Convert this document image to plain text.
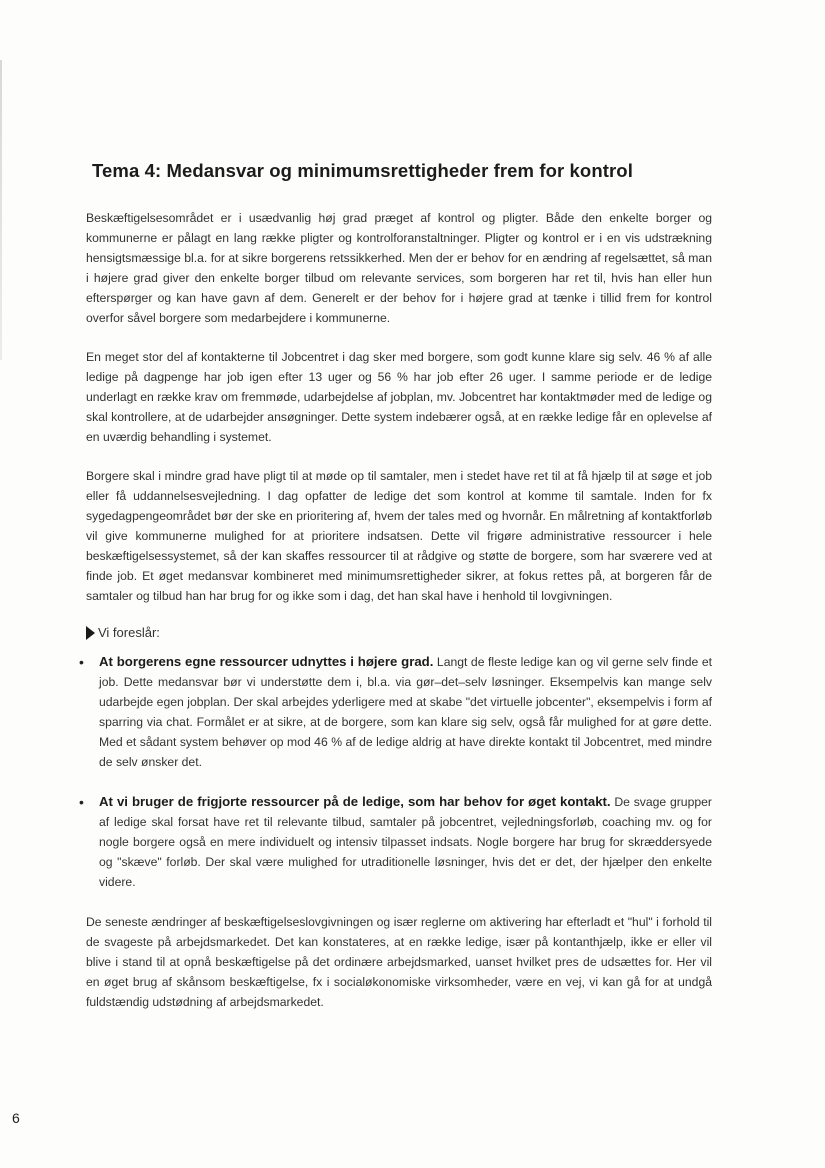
Tema 4: Medansvar og minimumsrettigheder frem for kontrol

Beskæftigelsesområdet er i usædvanlig høj grad præget af kontrol og pligter. Både den enkelte borger og kommunerne er pålagt en lang række pligter og kontrolforanstaltninger. Pligter og kontrol er i en vis udstrækning hensigtsmæssige bl.a. for at sikre borgerens retssikkerhed. Men der er behov for en ændring af regelsættet, så man i højere grad giver den enkelte borger tilbud om relevante services, som borgeren har ret til, hvis han eller hun efterspørger og kan have gavn af dem. Generelt er der behov for i højere grad at tænke i tillid frem for kontrol overfor såvel borgere som medarbejdere i kommunerne.

En meget stor del af kontakterne til Jobcentret i dag sker med borgere, som godt kunne klare sig selv. 46 % af alle ledige på dagpenge har job igen efter 13 uger og 56 % har job efter 26 uger. I samme periode er de ledige underlagt en række krav om fremmøde, udarbejdelse af jobplan, mv. Jobcentret har kontaktmøder med de ledige og skal kontrollere, at de udarbejder ansøgninger. Dette system indebærer også, at en række ledige får en oplevelse af en uværdig behandling i systemet.

Borgere skal i mindre grad have pligt til at møde op til samtaler, men i stedet have ret til at få hjælp til at søge et job eller få uddannelsesvejledning. I dag opfatter de ledige det som kontrol at komme til samtale. Inden for fx sygedagpengeområdet bør der ske en prioritering af, hvem der tales med og hvornår. En målretning af kontaktforløb vil give kommunerne mulighed for at prioritere indsatsen. Dette vil frigøre administrative ressourcer i hele beskæftigelsessystemet, så der kan skaffes ressourcer til at rådgive og støtte de borgere, som har sværere ved at finde job. Et øget medansvar kombineret med minimumsrettigheder sikrer, at fokus rettes på, at borgeren får de samtaler og tilbud han har brug for og ikke som i dag, det han skal have i henhold til lovgivningen.

Vi foreslår:
• At borgerens egne ressourcer udnyttes i højere grad. Langt de fleste ledige kan og vil gerne selv finde et job. Dette medansvar bør vi understøtte dem i, bl.a. via gør–det–selv løsninger. Eksempelvis kan mange selv udarbejde egen jobplan. Der skal arbejdes yderligere med at skabe "det virtuelle jobcenter", eksempelvis i form af sparring via chat. Formålet er at sikre, at de borgere, som kan klare sig selv, også får mulighed for at gøre dette. Med et sådant system behøver op mod 46 % af de ledige aldrig at have direkte kontakt til Jobcentret, med mindre de selv ønsker det.
• At vi bruger de frigjorte ressourcer på de ledige, som har behov for øget kontakt. De svage grupper af ledige skal forsat have ret til relevante tilbud, samtaler på jobcentret, vejledningsforløb, coaching mv. og for nogle borgere også en mere individuelt og intensiv tilpasset indsats. Nogle borgere har brug for skræddersyede og "skæve" forløb. Der skal være mulighed for utraditionelle løsninger, hvis det er det, der hjælper den enkelte videre.

De seneste ændringer af beskæftigelseslovgivningen og især reglerne om aktivering har efterladt et "hul" i forhold til de svageste på arbejdsmarkedet. Det kan konstateres, at en række ledige, især på kontanthjælp, ikke er eller vil blive i stand til at opnå beskæftigelse på det ordinære arbejdsmarked, uanset hvilket pres de udsættes for. Her vil en øget brug af skånsom beskæftigelse, fx i socialøkonomiske virksomheder, være en vej, vi kan gå for at undgå fuldstændig udstødning af arbejdsmarkedet.

6
